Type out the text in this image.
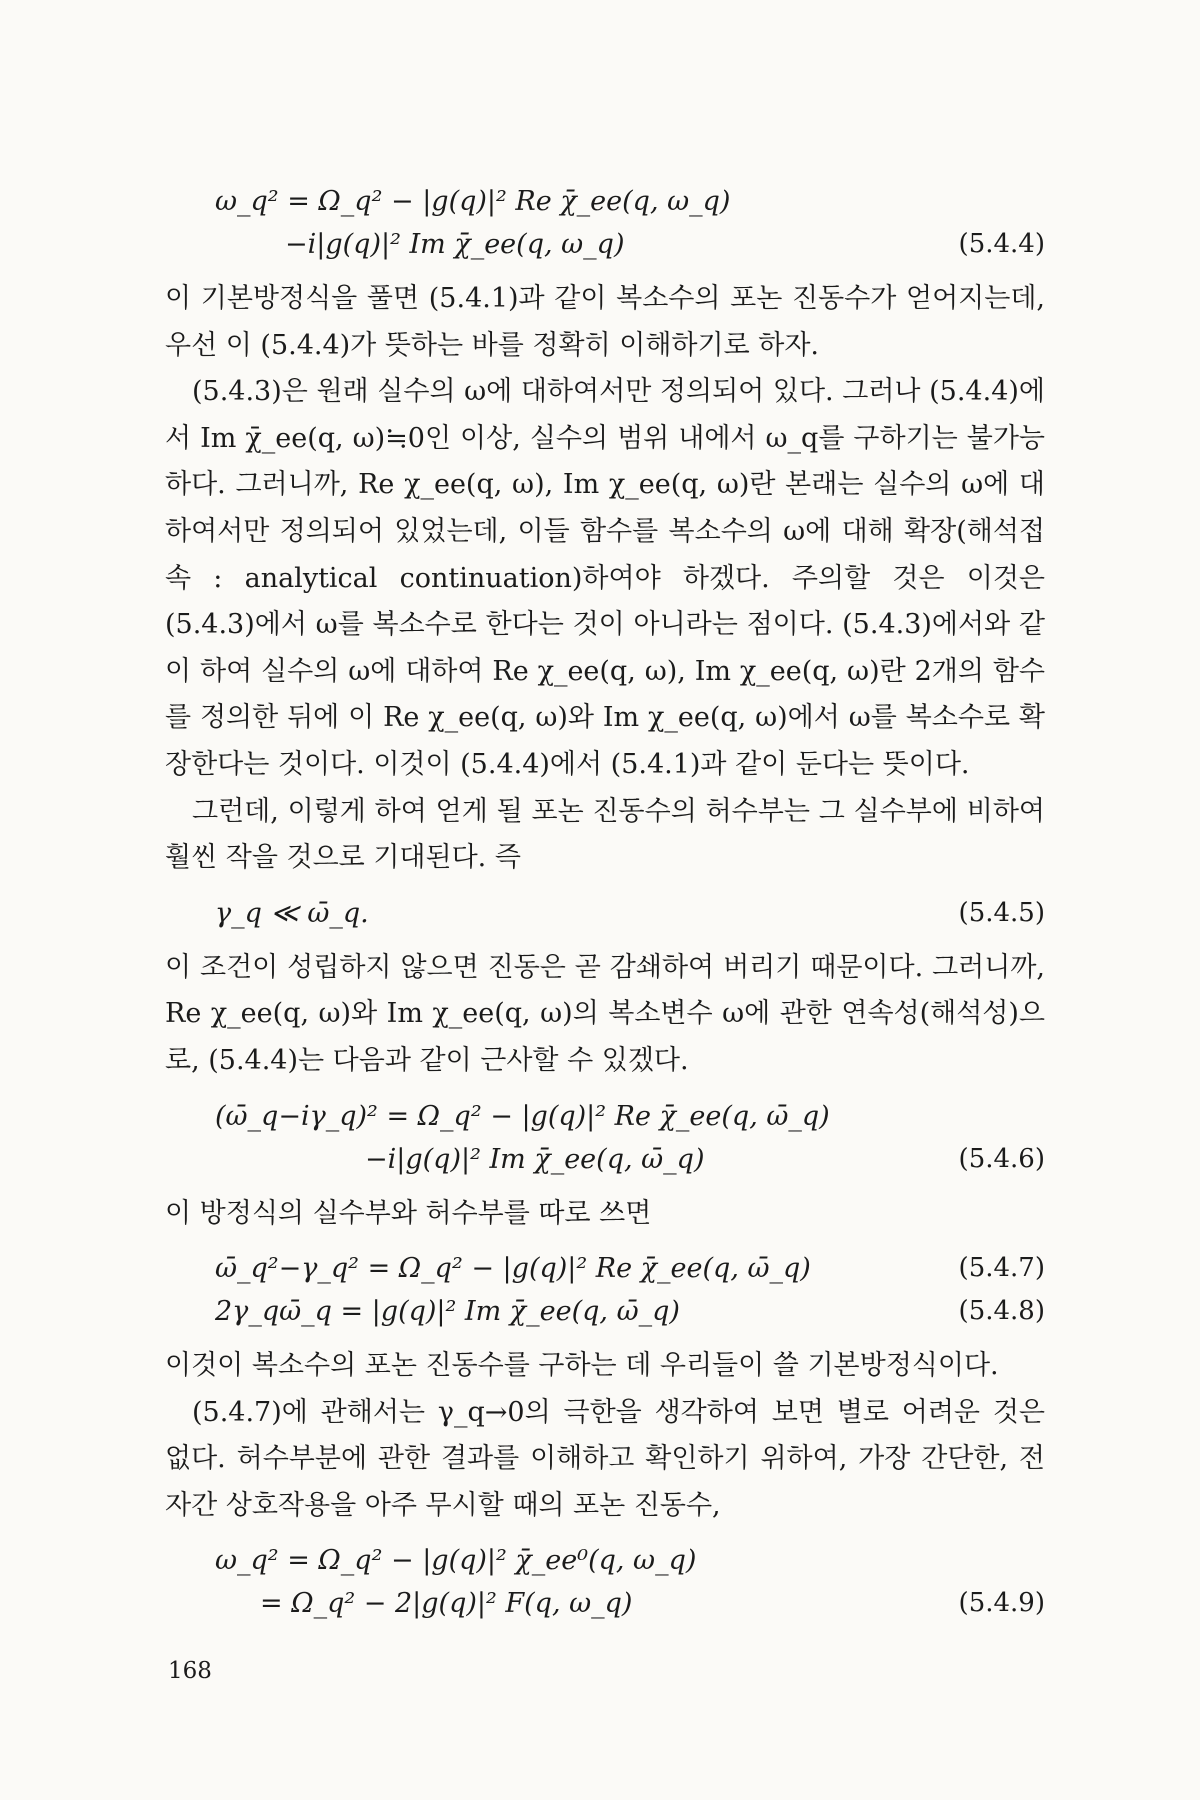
ω_q² = Ω_q² − |g(q)|² Re χ̄_ee(q, ω_q)
−i|g(q)|² Im χ̄_ee(q, ω_q)	(5.4.4)

이 기본방정식을 풀면 (5.4.1)과 같이 복소수의 포논 진동수가 얻어지는데, 우선 이 (5.4.4)가 뜻하는 바를 정확히 이해하기로 하자.

(5.4.3)은 원래 실수의 ω에 대하여서만 정의되어 있다. 그러나 (5.4.4)에서 Im χ̄_ee(q, ω)≒0인 이상, 실수의 범위 내에서 ω_q를 구하기는 불가능하다. 그러니까, Re χ_ee(q, ω), Im χ_ee(q, ω)란 본래는 실수의 ω에 대하여서만 정의되어 있었는데, 이들 함수를 복소수의 ω에 대해 확장(해석접속 : analytical continuation)하여야 하겠다. 주의할 것은 이것은 (5.4.3)에서 ω를 복소수로 한다는 것이 아니라는 점이다. (5.4.3)에서와 같이 하여 실수의 ω에 대하여 Re χ_ee(q, ω), Im χ_ee(q, ω)란 2개의 함수를 정의한 뒤에 이 Re χ_ee(q, ω)와 Im χ_ee(q, ω)에서 ω를 복소수로 확장한다는 것이다. 이것이 (5.4.4)에서 (5.4.1)과 같이 둔다는 뜻이다.

그런데, 이렇게 하여 얻게 될 포논 진동수의 허수부는 그 실수부에 비하여 훨씬 작을 것으로 기대된다. 즉

γ_q ≪ ω̄_q.	(5.4.5)

이 조건이 성립하지 않으면 진동은 곧 감쇄하여 버리기 때문이다. 그러니까, Re χ_ee(q, ω)와 Im χ_ee(q, ω)의 복소변수 ω에 관한 연속성(해석성)으로, (5.4.4)는 다음과 같이 근사할 수 있겠다.

(ω̄_q−iγ_q)² = Ω_q² − |g(q)|² Re χ̄_ee(q, ω̄_q)
−i|g(q)|² Im χ̄_ee(q, ω̄_q)	(5.4.6)

이 방정식의 실수부와 허수부를 따로 쓰면

ω̄_q²−γ_q² = Ω_q² − |g(q)|² Re χ̄_ee(q, ω̄_q)	(5.4.7)
2γ_qω̄_q = |g(q)|² Im χ̄_ee(q, ω̄_q)	(5.4.8)

이것이 복소수의 포논 진동수를 구하는 데 우리들이 쓸 기본방정식이다.

(5.4.7)에 관해서는 γ_q→0의 극한을 생각하여 보면 별로 어려운 것은 없다. 허수부분에 관한 결과를 이해하고 확인하기 위하여, 가장 간단한, 전자간 상호작용을 아주 무시할 때의 포논 진동수,

ω_q² = Ω_q² − |g(q)|² χ̄_ee⁰(q, ω_q)
= Ω_q² − 2|g(q)|² F(q, ω_q)	(5.4.9)
168
